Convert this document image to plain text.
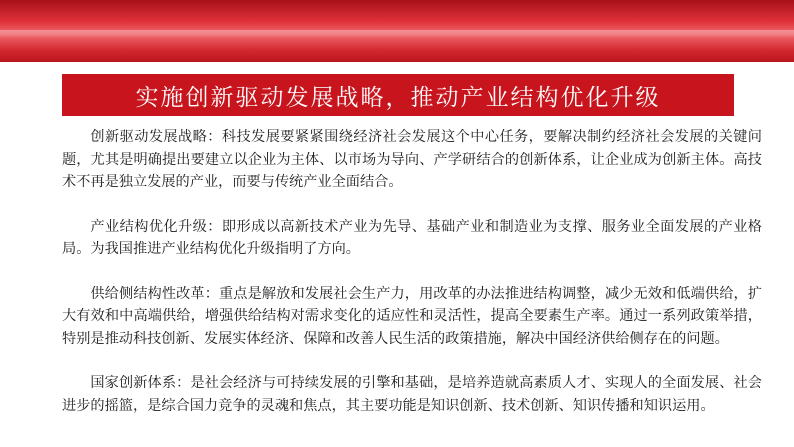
实施创新驱动发展战略，推动产业结构优化升级

创新驱动发展战略：科技发展要紧紧围绕经济社会发展这个中心任务，要解决制约经济社会发展的关键问题，尤其是明确提出要建立以企业为主体、以市场为导向、产学研结合的创新体系，让企业成为创新主体。高技术不再是独立发展的产业，而要与传统产业全面结合。

产业结构优化升级：即形成以高新技术产业为先导、基础产业和制造业为支撑、服务业全面发展的产业格局。为我国推进产业结构优化升级指明了方向。

供给侧结构性改革：重点是解放和发展社会生产力，用改革的办法推进结构调整，减少无效和低端供给，扩大有效和中高端供给，增强供给结构对需求变化的适应性和灵活性，提高全要素生产率。通过一系列政策举措，特别是推动科技创新、发展实体经济、保障和改善人民生活的政策措施，解决中国经济供给侧存在的问题。

国家创新体系：是社会经济与可持续发展的引擎和基础，是培养造就高素质人才、实现人的全面发展、社会进步的摇篮，是综合国力竞争的灵魂和焦点，其主要功能是知识创新、技术创新、知识传播和知识运用。
